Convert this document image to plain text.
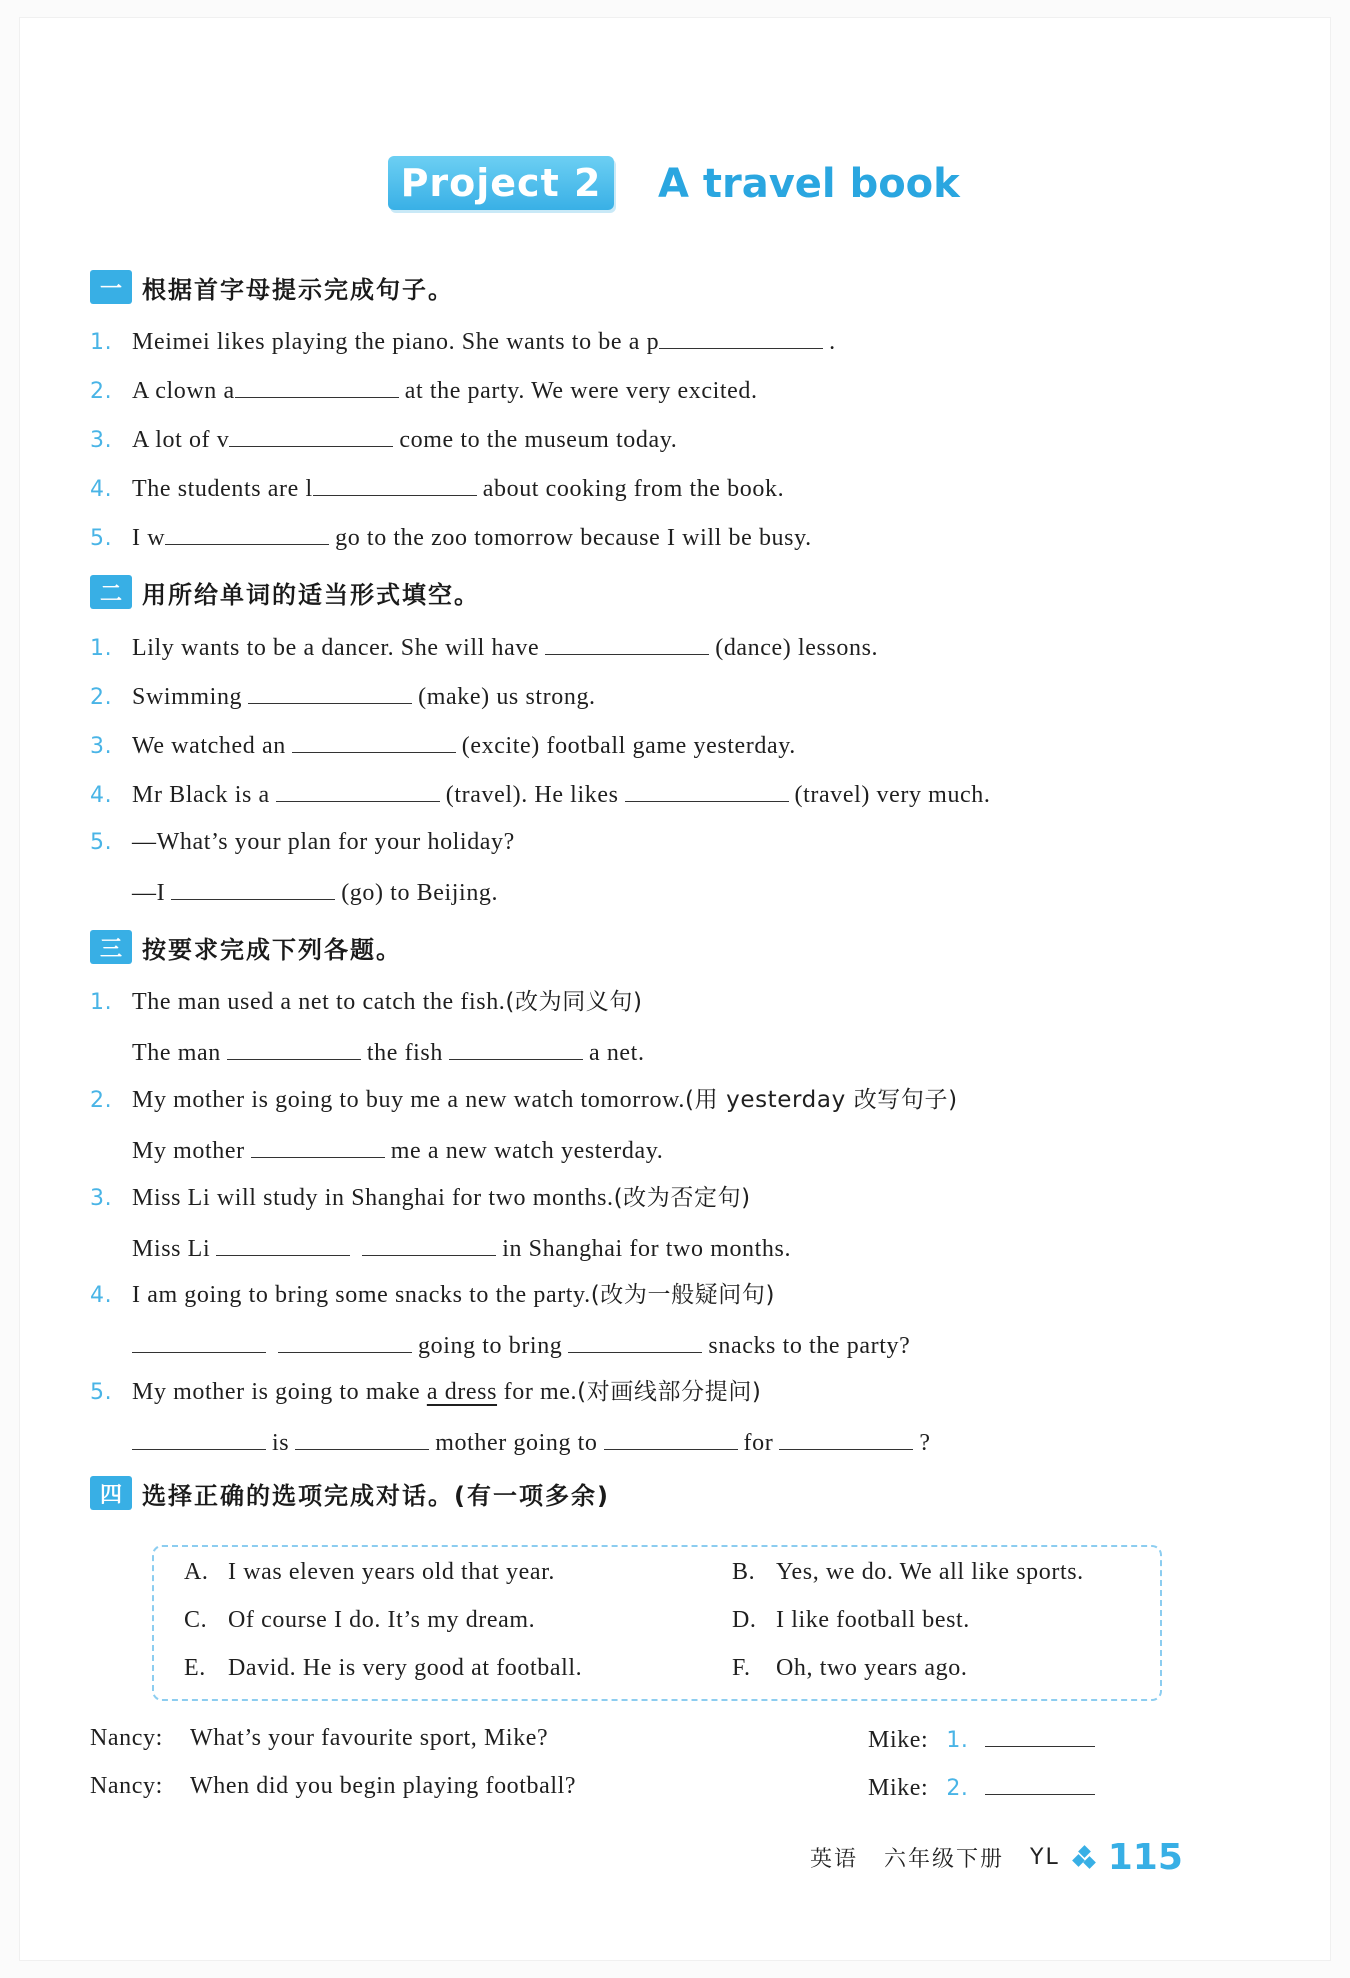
Project 2	A travel book
一 根据首字母提示完成句子。
1. Meimei likes playing the piano. She wants to be a p	.
2. A clown a	at the party. We were very excited.
3. A lot of v	come to the museum today.
4. The students are l	about cooking from the book.
5. I w	go to the zoo tomorrow because I will be busy.
二 用所给单词的适当形式填空。
1. Lily wants to be a dancer. She will have	(dance) lessons.
2. Swimming	(make) us strong.
3. We watched an	(excite) football game yesterday.
4. Mr Black is a	(travel). He likes	(travel) very much.
5. —What’s your plan for your holiday?
—I	(go) to Beijing.
三 按要求完成下列各题。
1. The man used a net to catch the fish.(改为同义句)
The man	the fish	a net.
2. My mother is going to buy me a new watch tomorrow.(用 yesterday 改写句子)
My mother	me a new watch yesterday.
3. Miss Li will study in Shanghai for two months.(改为否定句)
Miss Li	in Shanghai for two months.
4. I am going to bring some snacks to the party.(改为一般疑问句)
going to bring	snacks to the party?
5. My mother is going to make a dress for me.(对画线部分提问)
is	mother going to	for	?
四 选择正确的选项完成对话。(有一项多余)
A. I was eleven years old that year.	B. Yes, we do. We all like sports.
C. Of course I do. It’s my dream.	D. I like football best.
E. David. He is very good at football.	F. Oh, two years ago.
Nancy: What’s your favourite sport, Mike?	Mike: 1.
Nancy: When did you begin playing football?	Mike: 2.
英语 六年级下册 YL 115
